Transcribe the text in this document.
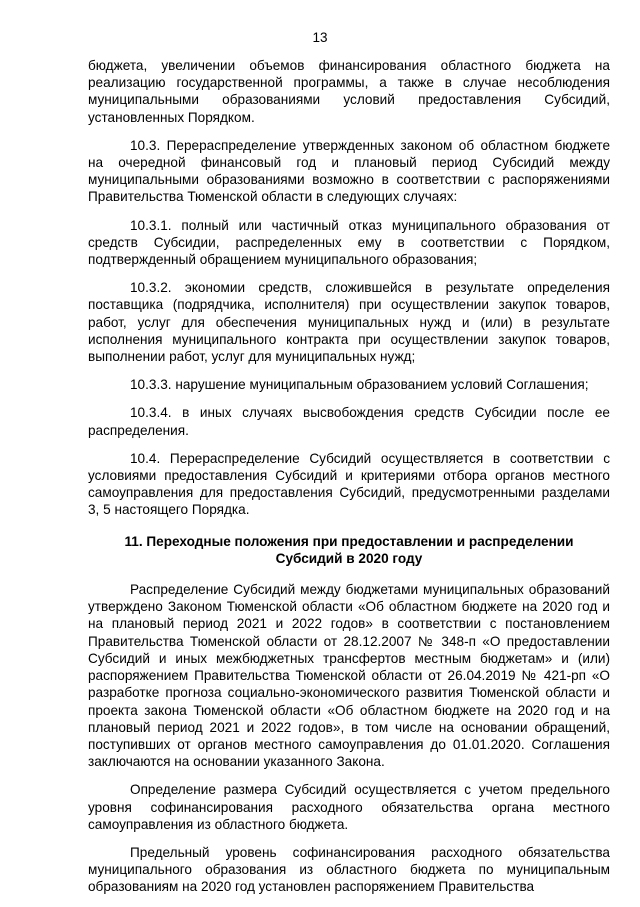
13

бюджета, увеличении объемов финансирования областного бюджета на реализацию государственной программы, а также в случае несоблюдения муниципальными образованиями условий предоставления Субсидий, установленных Порядком.

10.3. Перераспределение утвержденных законом об областном бюджете на очередной финансовый год и плановый период Субсидий между муниципальными образованиями возможно в соответствии с распоряжениями Правительства Тюменской области в следующих случаях:

10.3.1. полный или частичный отказ муниципального образования от средств Субсидии, распределенных ему в соответствии с Порядком, подтвержденный обращением муниципального образования;

10.3.2. экономии средств, сложившейся в результате определения поставщика (подрядчика, исполнителя) при осуществлении закупок товаров, работ, услуг для обеспечения муниципальных нужд и (или) в результате исполнения муниципального контракта при осуществлении закупок товаров, выполнении работ, услуг для муниципальных нужд;

10.3.3. нарушение муниципальным образованием условий Соглашения;

10.3.4. в иных случаях высвобождения средств Субсидии после ее распределения.

10.4. Перераспределение Субсидий осуществляется в соответствии с условиями предоставления Субсидий и критериями отбора органов местного самоуправления для предоставления Субсидий, предусмотренными разделами 3, 5 настоящего Порядка.

11. Переходные положения при предоставлении и распределении
Субсидий в 2020 году

Распределение Субсидий между бюджетами муниципальных образований утверждено Законом Тюменской области «Об областном бюджете на 2020 год и на плановый период 2021 и 2022 годов» в соответствии с постановлением Правительства Тюменской области от 28.12.2007 № 348-п «О предоставлении Субсидий и иных межбюджетных трансфертов местным бюджетам» и (или) распоряжением Правительства Тюменской области от 26.04.2019 № 421-рп «О разработке прогноза социально-экономического развития Тюменской области и проекта закона Тюменской области «Об областном бюджете на 2020 год и на плановый период 2021 и 2022 годов», в том числе на основании обращений, поступивших от органов местного самоуправления до 01.01.2020. Соглашения заключаются на основании указанного Закона.

Определение размера Субсидий осуществляется с учетом предельного уровня софинансирования расходного обязательства органа местного самоуправления из областного бюджета.

Предельный уровень софинансирования расходного обязательства муниципального образования из областного бюджета по муниципальным образованиям на 2020 год установлен распоряжением Правительства
